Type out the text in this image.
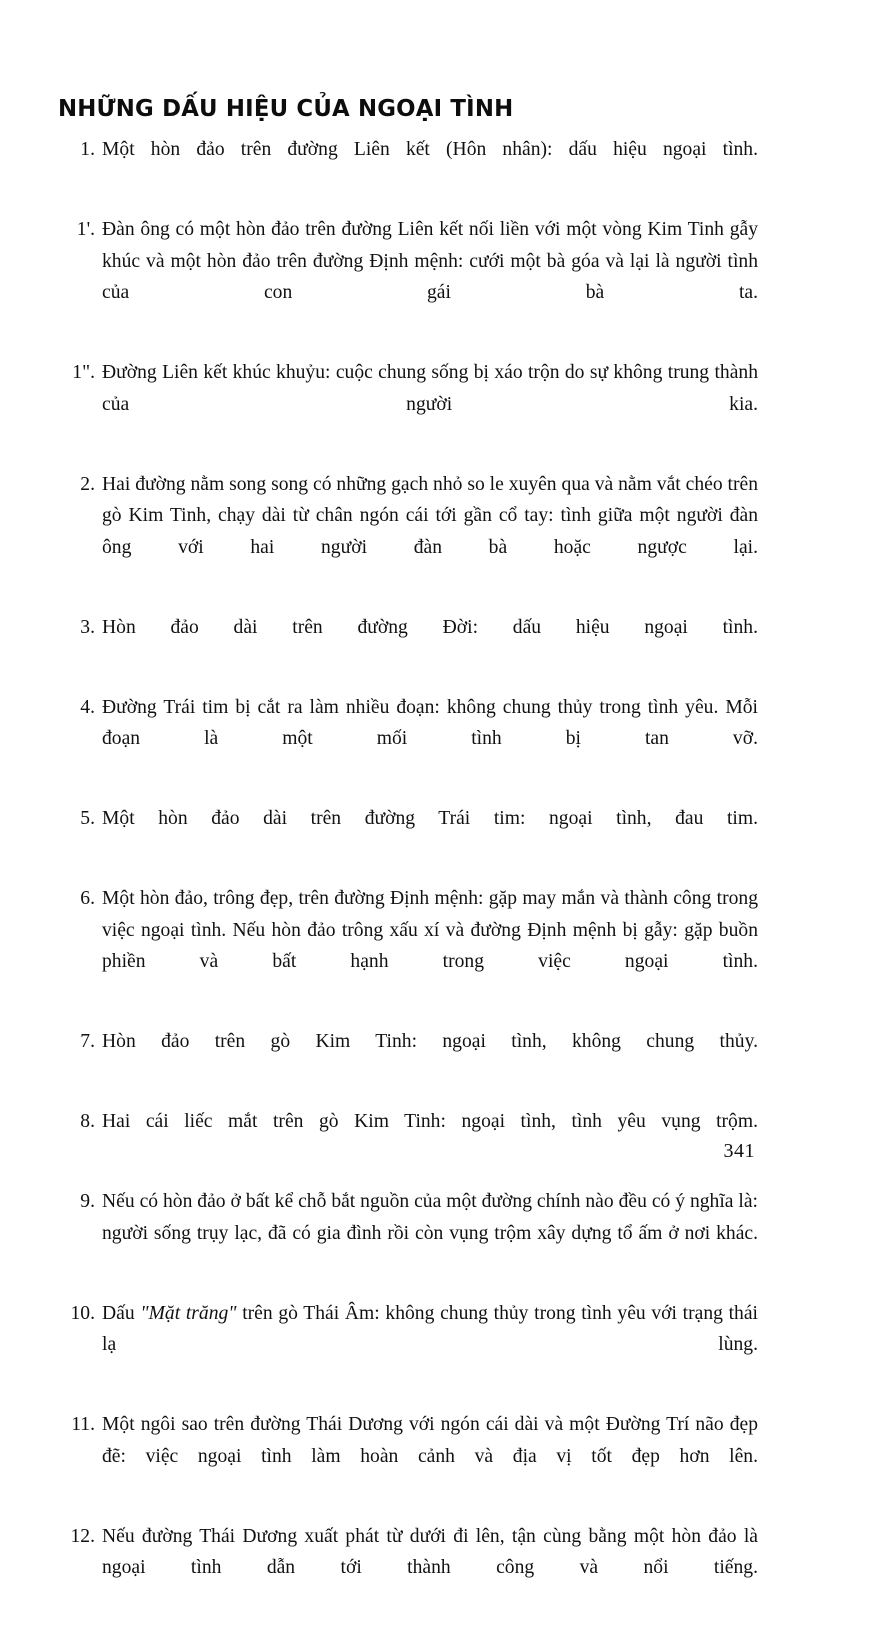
NHỮNG DẤU HIỆU CỦA NGOẠI TÌNH
1. Một hòn đảo trên đường Liên kết (Hôn nhân): dấu hiệu ngoại tình.
1'. Đàn ông có một hòn đảo trên đường Liên kết nối liền với một vòng Kim Tinh gẫy khúc và một hòn đảo trên đường Định mệnh: cưới một bà góa và lại là người tình của con gái bà ta.
1". Đường Liên kết khúc khuỷu: cuộc chung sống bị xáo trộn do sự không trung thành của người kia.
2. Hai đường nằm song song có những gạch nhỏ so le xuyên qua và nằm vắt chéo trên gò Kim Tinh, chạy dài từ chân ngón cái tới gần cổ tay: tình giữa một người đàn ông với hai người đàn bà hoặc ngược lại.
3. Hòn đảo dài trên đường Đời: dấu hiệu ngoại tình.
4. Đường Trái tim bị cắt ra làm nhiều đoạn: không chung thủy trong tình yêu. Mỗi đoạn là một mối tình bị tan vỡ.
5. Một hòn đảo dài trên đường Trái tim: ngoại tình, đau tim.
6. Một hòn đảo, trông đẹp, trên đường Định mệnh: gặp may mắn và thành công trong việc ngoại tình. Nếu hòn đảo trông xấu xí và đường Định mệnh bị gẫy: gặp buồn phiền và bất hạnh trong việc ngoại tình.
7. Hòn đảo trên gò Kim Tinh: ngoại tình, không chung thủy.
8. Hai cái liếc mắt trên gò Kim Tinh: ngoại tình, tình yêu vụng trộm.
9. Nếu có hòn đảo ở bất kể chỗ bắt nguồn của một đường chính nào đều có ý nghĩa là: người sống trụy lạc, đã có gia đình rồi còn vụng trộm xây dựng tổ ấm ở nơi khác.
10. Dấu "Mặt trăng" trên gò Thái Âm: không chung thủy trong tình yêu với trạng thái lạ lùng.
11. Một ngôi sao trên đường Thái Dương với ngón cái dài và một Đường Trí não đẹp đẽ: việc ngoại tình làm hoàn cảnh và địa vị tốt đẹp hơn lên.
12. Nếu đường Thái Dương xuất phát từ dưới đi lên, tận cùng bằng một hòn đảo là ngoại tình dẫn tới thành công và nổi tiếng.
341
